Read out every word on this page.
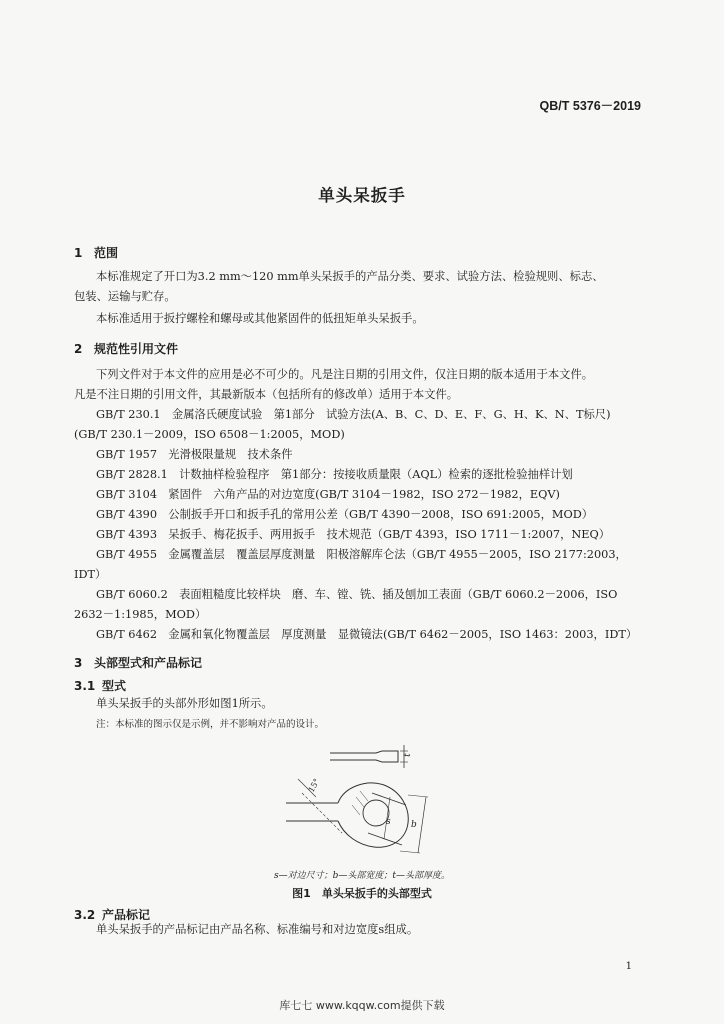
QB/T 5376－2019
单头呆扳手
1 范围
本标准规定了开口为3.2 mm～120 mm单头呆扳手的产品分类、要求、试验方法、检验规则、标志、
包装、运输与贮存。
本标准适用于扳拧螺栓和螺母或其他紧固件的低扭矩单头呆扳手。
2 规范性引用文件
下列文件对于本文件的应用是必不可少的。凡是注日期的引用文件，仅注日期的版本适用于本文件。
凡是不注日期的引用文件，其最新版本（包括所有的修改单）适用于本文件。
GB/T 230.1　金属洛氏硬度试验　第1部分　试验方法(A、B、C、D、E、F、G、H、K、N、T标尺)
(GB/T 230.1－2009，ISO 6508－1:2005，MOD)
GB/T 1957　光滑极限量规　技术条件
GB/T 2828.1　计数抽样检验程序　第1部分：按接收质量限（AQL）检索的逐批检验抽样计划
GB/T 3104　紧固件　六角产品的对边宽度(GB/T 3104－1982，ISO 272－1982，EQV)
GB/T 4390　公制扳手开口和扳手孔的常用公差（GB/T 4390－2008，ISO 691:2005，MOD）
GB/T 4393　呆扳手、梅花扳手、两用扳手　技术规范（GB/T 4393，ISO 1711－1:2007，NEQ）
GB/T 4955　金属覆盖层　覆盖层厚度测量　阳极溶解库仑法（GB/T 4955－2005，ISO 2177:2003，
IDT）
GB/T 6060.2　表面粗糙度比较样块　磨、车、镗、铣、插及刨加工表面（GB/T 6060.2－2006，ISO
2632－1:1985，MOD）
GB/T 6462　金属和氧化物覆盖层　厚度测量　显微镜法(GB/T 6462－2005，ISO 1463：2003，IDT）
3 头部型式和产品标记
3.1 型式
单头呆扳手的头部外形如图1所示。
注：本标准的图示仅是示例，并不影响对产品的设计。
t
s b
15°
s—对边尺寸；b—头部宽度；t—头部厚度。
图1　单头呆扳手的头部型式
3.2 产品标记
单头呆扳手的产品标记由产品名称、标准编号和对边宽度s组成。
1
库七七 www.kqqw.com提供下载
